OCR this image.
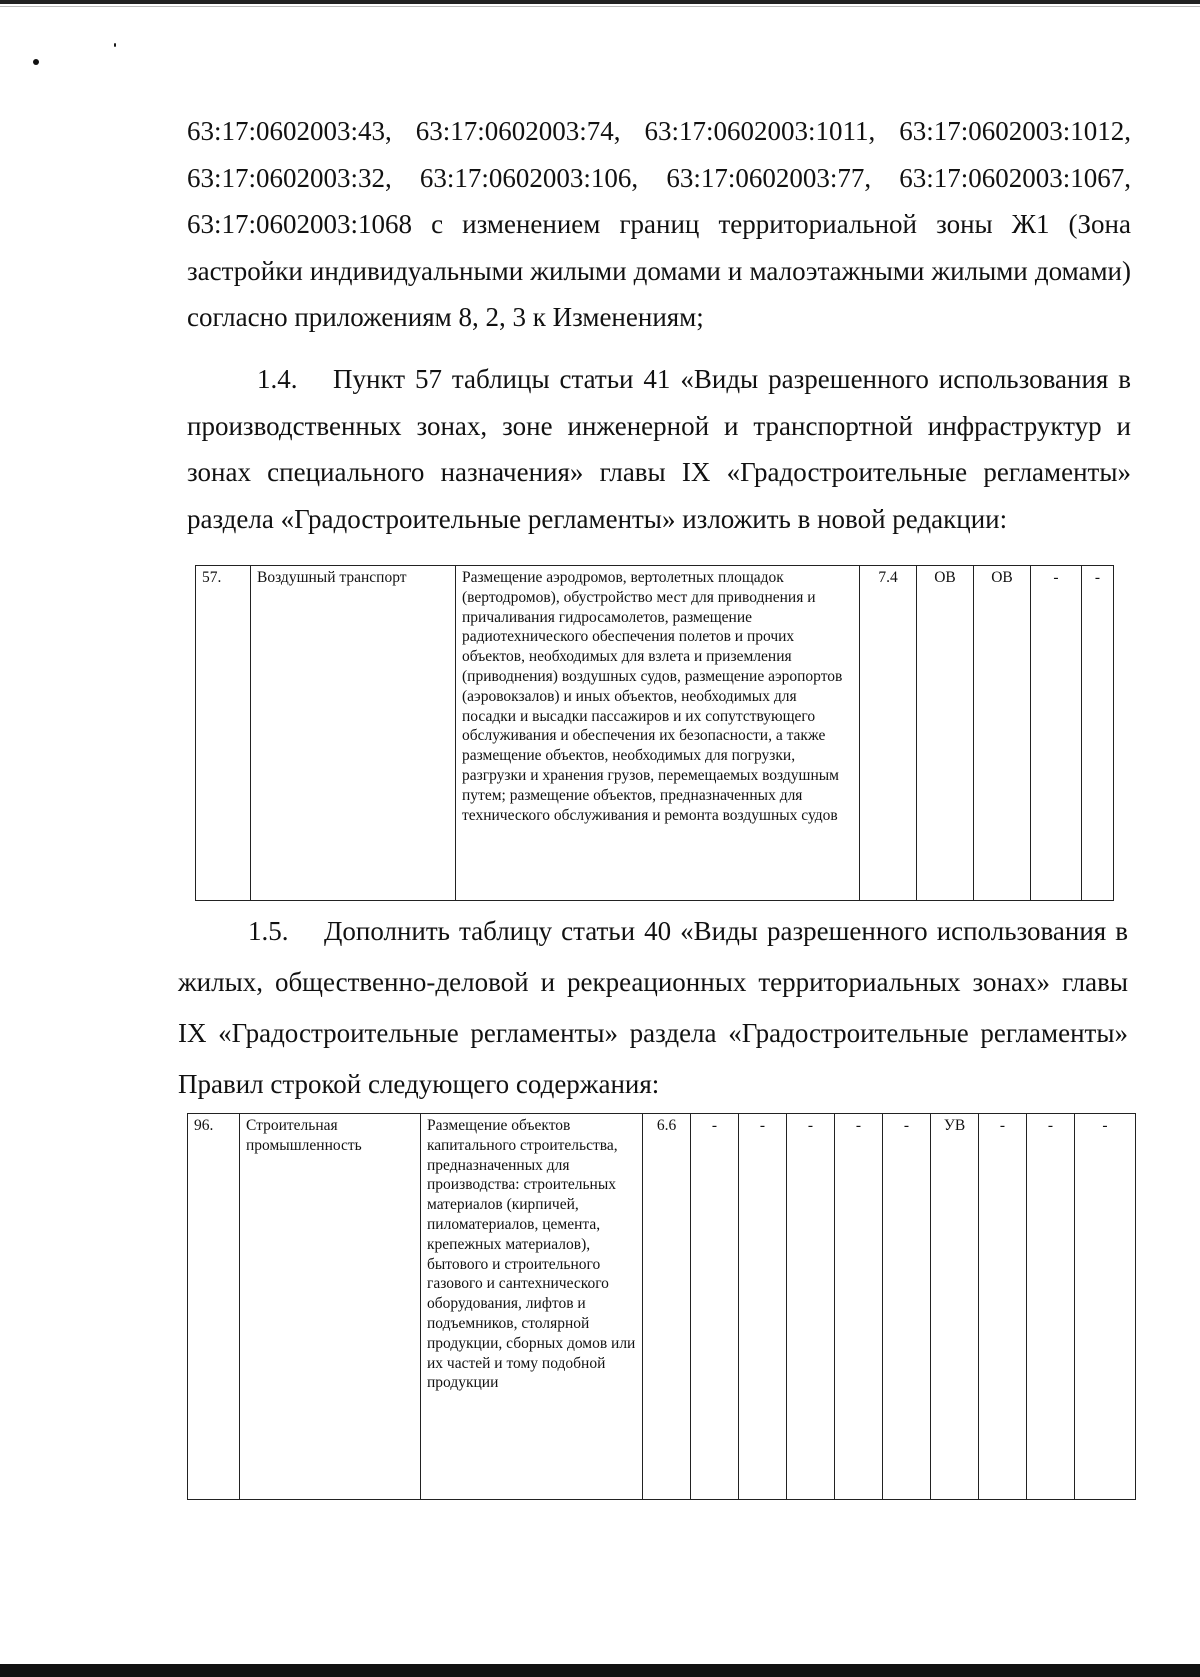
63:17:0602003:43, 63:17:0602003:74, 63:17:0602003:1011, 63:17:0602003:1012, 63:17:0602003:32, 63:17:0602003:106, 63:17:0602003:77, 63:17:0602003:1067, 63:17:0602003:1068 с изменением границ территориальной зоны Ж1 (Зона застройки индивидуальными жилыми домами и малоэтажными жилыми домами) согласно приложениям 8, 2, 3 к Изменениям;

1.4. Пункт 57 таблицы статьи 41 «Виды разрешенного использования в производственных зонах, зоне инженерной и транспортной инфраструктур и зонах специального назначения» главы IX «Градостроительные регламенты» раздела «Градостроительные регламенты» изложить в новой редакции:

57.	Воздушный транспорт	Размещение аэродромов, вертолетных площадок (вертодромов), обустройство мест для приводнения и причаливания гидросамолетов, размещение радиотехнического обеспечения полетов и прочих объектов, необходимых для взлета и приземления (приводнения) воздушных судов, размещение аэропортов (аэровокзалов) и иных объектов, необходимых для посадки и высадки пассажиров и их сопутствующего обслуживания и обеспечения их безопасности, а также размещение объектов, необходимых для погрузки, разгрузки и хранения грузов, перемещаемых воздушным путем; размещение объектов, предназначенных для технического обслуживания и ремонта воздушных судов	7.4	ОВ	ОВ	-	-

1.5. Дополнить таблицу статьи 40 «Виды разрешенного использования в жилых, общественно-деловой и рекреационных территориальных зонах» главы IX «Градостроительные регламенты» раздела «Градостроительные регламенты» Правил строкой следующего содержания:

96.	Строительная промышленность	Размещение объектов капитального строительства, предназначенных для производства: строительных материалов (кирпичей, пиломатериалов, цемента, крепежных материалов), бытового и строительного газового и сантехнического оборудования, лифтов и подъемников, столярной продукции, сборных домов или их частей и тому подобной продукции	6.6	-	-	-	-	-	УВ	-	-	-
